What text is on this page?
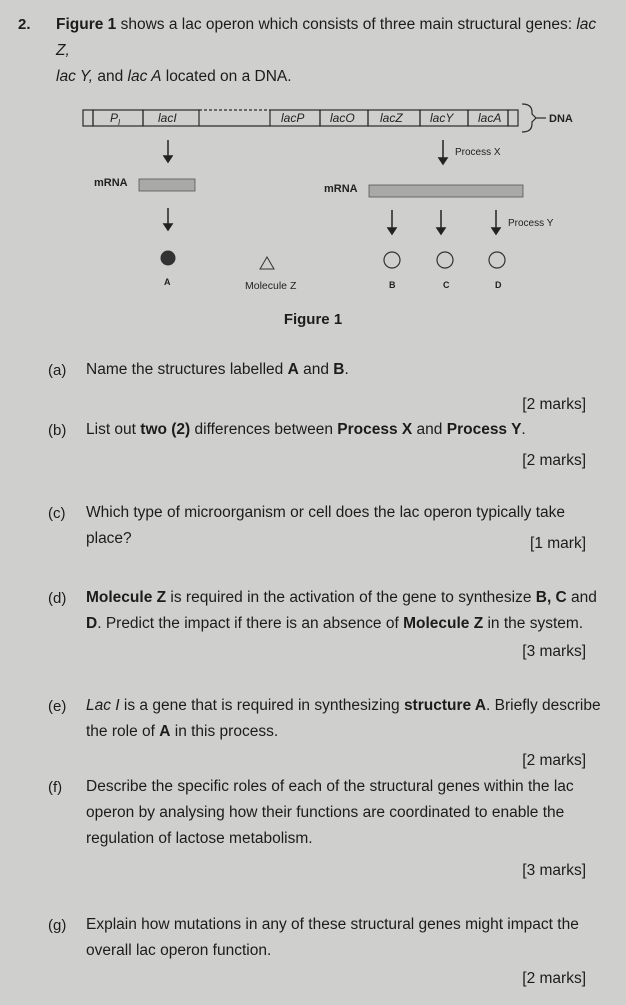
2. Figure 1 shows a lac operon which consists of three main structural genes: lac Z,
lac Y, and lac A located on a DNA.
$P_I$	lacI	lacP lacO lacZ lacY lacA	DNA
mRNA
A	Molecule Z
Process X
mRNA
Process Y
B	C	D
Figure 1
(a) Name the structures labelled A and B.
[2 marks]
(b) List out two (2) differences between Process X and Process Y.
[2 marks]
(c) Which type of microorganism or cell does the lac operon typically take place?	[1 mark]
(d) Molecule Z is required in the activation of the gene to synthesize B, C and D. Predict the impact if there is an absence of Molecule Z in the system.
[3 marks]
(e) Lac I is a gene that is required in synthesizing structure A. Briefly describe the role of A in this process.
[2 marks]
(f) Describe the specific roles of each of the structural genes within the lac operon by analysing how their functions are coordinated to enable the regulation of lactose metabolism.
[3 marks]
(g) Explain how mutations in any of these structural genes might impact the overall lac operon function.
[2 marks]
